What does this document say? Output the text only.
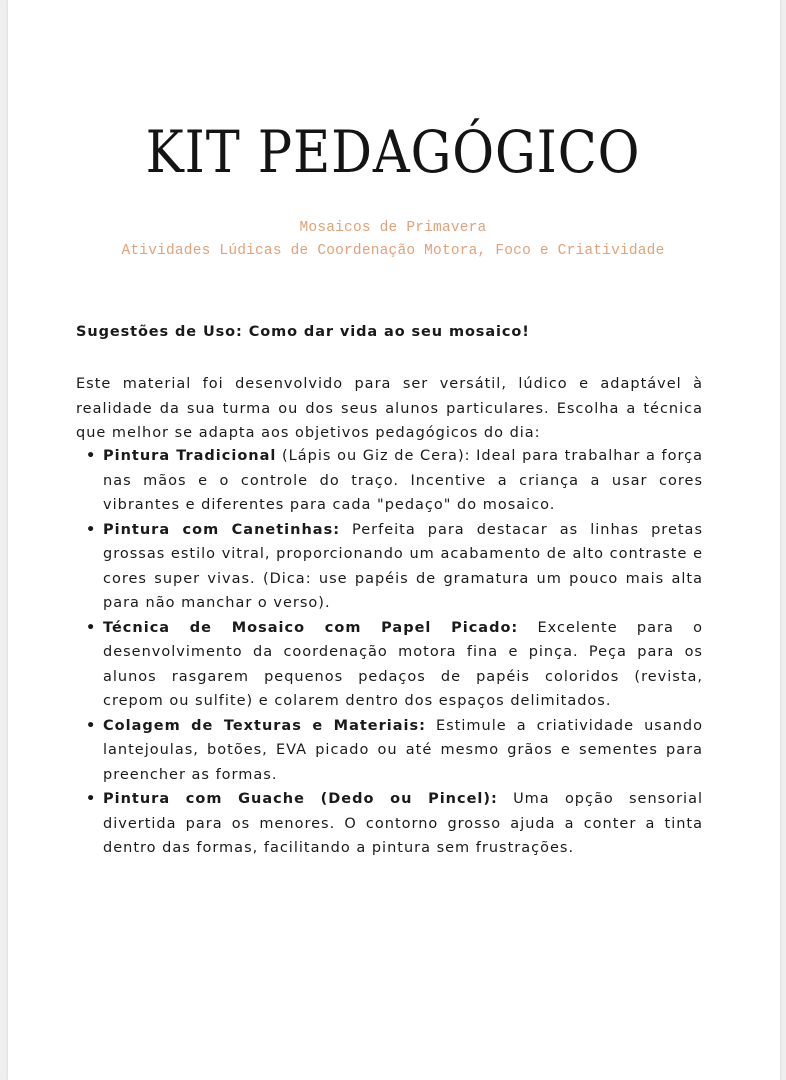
KIT PEDAGÓGICO
Mosaicos de Primavera
Atividades Lúdicas de Coordenação Motora, Foco e Criatividade
Sugestões de Uso: Como dar vida ao seu mosaico!

Este material foi desenvolvido para ser versátil, lúdico e adaptável à realidade da sua turma ou dos seus alunos particulares. Escolha a técnica que melhor se adapta aos objetivos pedagógicos do dia:

• Pintura Tradicional (Lápis ou Giz de Cera): Ideal para trabalhar a força nas mãos e o controle do traço. Incentive a criança a usar cores vibrantes e diferentes para cada "pedaço" do mosaico.
• Pintura com Canetinhas: Perfeita para destacar as linhas pretas grossas estilo vitral, proporcionando um acabamento de alto contraste e cores super vivas. (Dica: use papéis de gramatura um pouco mais alta para não manchar o verso).
• Técnica de Mosaico com Papel Picado: Excelente para o desenvolvimento da coordenação motora fina e pinça. Peça para os alunos rasgarem pequenos pedaços de papéis coloridos (revista, crepom ou sulfite) e colarem dentro dos espaços delimitados.
• Colagem de Texturas e Materiais: Estimule a criatividade usando lantejoulas, botões, EVA picado ou até mesmo grãos e sementes para preencher as formas.
• Pintura com Guache (Dedo ou Pincel): Uma opção sensorial divertida para os menores. O contorno grosso ajuda a conter a tinta dentro das formas, facilitando a pintura sem frustrações.
